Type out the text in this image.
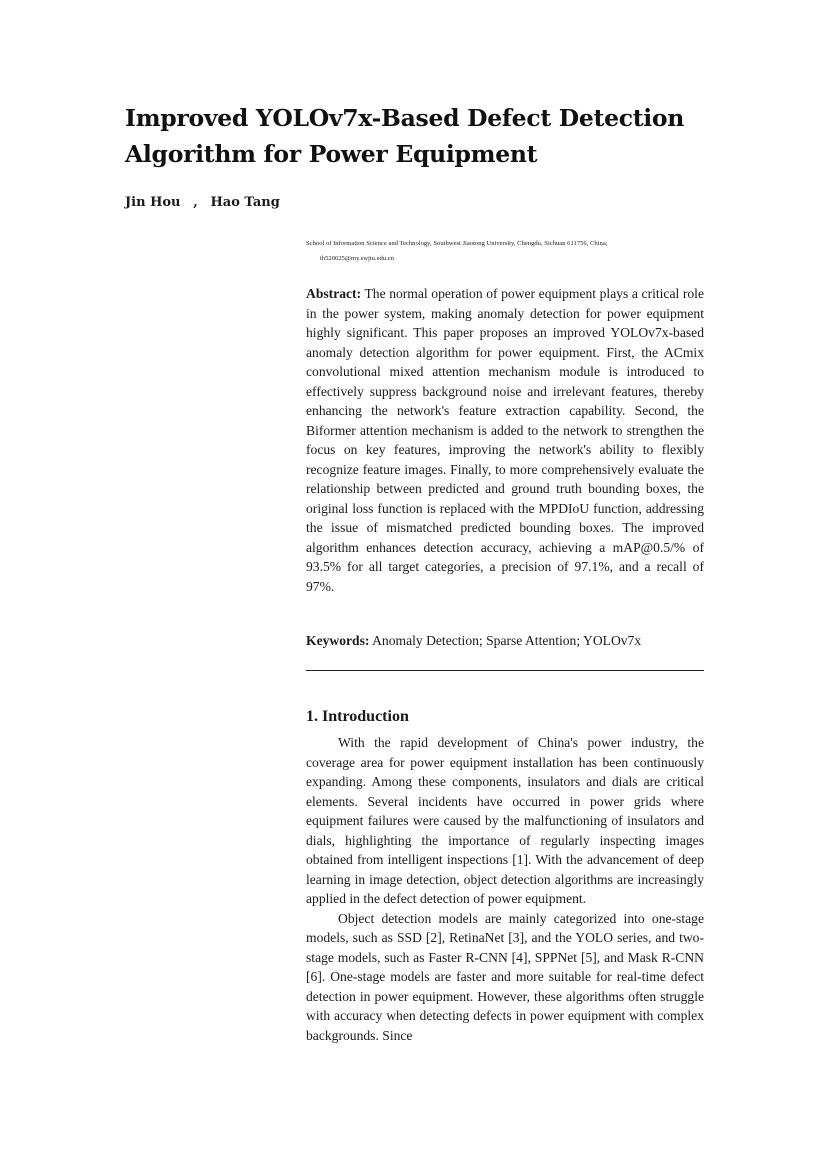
Improved YOLOv7x-Based Defect Detection
Algorithm for Power Equipment
Jin Hou , Hao Tang
School of Information Science and Technology, Southwest Jiaotong University, Chengdu, Sichuan 611756, China;
th520625@my.swjtu.edu.cn
Abstract: The normal operation of power equipment plays a critical role in the power system, making anomaly detection for power equipment highly significant. This paper proposes an improved YOLOv7x-based anomaly detection algorithm for power equipment. First, the ACmix convolutional mixed attention mechanism module is introduced to effectively suppress background noise and irrelevant features, thereby enhancing the network's feature extraction capability. Second, the Biformer attention mechanism is added to the network to strengthen the focus on key features, improving the network's ability to flexibly recognize feature images. Finally, to more comprehensively evaluate the relationship between predicted and ground truth bounding boxes, the original loss function is replaced with the MPDIoU function, addressing the issue of mismatched predicted bounding boxes. The improved algorithm enhances detection accuracy, achieving a mAP@0.5/% of 93.5% for all target categories, a precision of 97.1%, and a recall of 97%.
Keywords: Anomaly Detection; Sparse Attention; YOLOv7x
1. Introduction

With the rapid development of China's power industry, the coverage area for power equipment installation has been continuously expanding. Among these components, insulators and dials are critical elements. Several incidents have occurred in power grids where equipment failures were caused by the malfunctioning of insulators and dials, highlighting the importance of regularly inspecting images obtained from intelligent inspections [1]. With the advancement of deep learning in image detection, object detection algorithms are increasingly applied in the defect detection of power equipment.

Object detection models are mainly categorized into one-stage models, such as SSD [2], RetinaNet [3], and the YOLO series, and two-stage models, such as Faster R-CNN [4], SPPNet [5], and Mask R-CNN [6]. One-stage models are faster and more suitable for real-time defect detection in power equipment. However, these algorithms often struggle with accuracy when detecting defects in power equipment with complex backgrounds. Since
